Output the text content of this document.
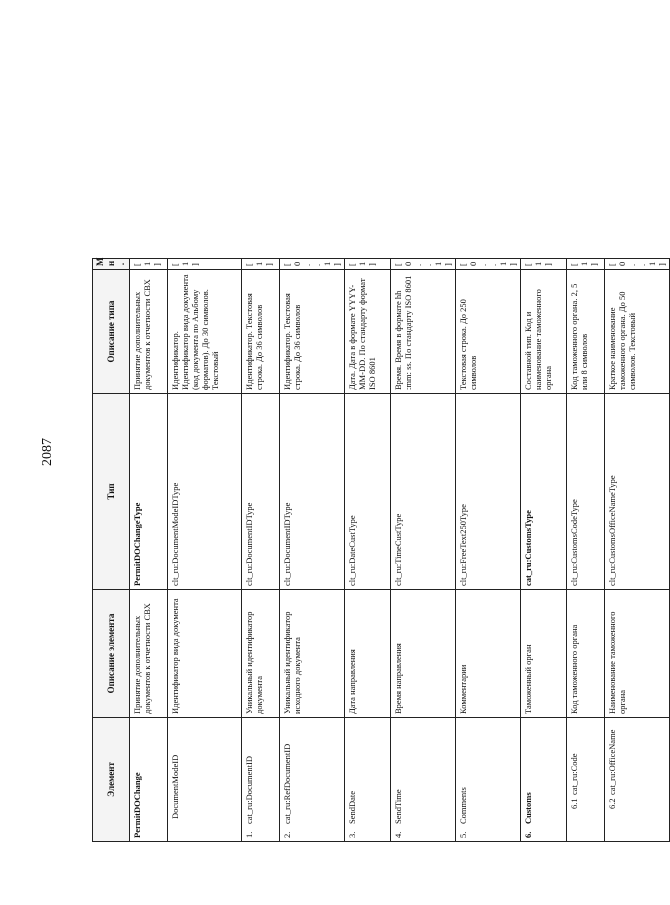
2087
Элемент	Описание элемента	Тип	Описание типа	Мн.
PermitDOChange	Принятие дополнительных документов к отчетности СВХ	PermitDOChangeType	Принятие дополнительных документов к отчетности СВХ	[1]
DocumentModeID	Идентификатор вида документа	clt_ru:DocumentModeIDType	Идентификатор. Идентификатор вида документа (код документа по Альбому форматов). До 30 символов. Текстовый	[1]
1.cat_ru:DocumentID	Уникальный идентификатор документа	clt_ru:DocumentIDType	Идентификатор. Текстовая строка. До 36 символов	[1]
2.cat_ru:RefDocumentID	Уникальный идентификатор исходного документа	clt_ru:DocumentIDType	Идентификатор. Текстовая строка. До 36 символов	[0..1]
3.SendDate	Дата направления	clt_ru:DateCustType	Дата. Дата в формате YYYY-MM-DD. По стандарту формат ISO 8601	[1]
4.SendTime	Время направления	clt_ru:TimeCustType	Время. Время в формате hh :mm: ss. По стандарту ISO 8601	[0..1]
5.Comments	Комментарии	clt_ru:FreeText250Type	Текстовая строка. До 250 символов	[0..1]
6.Customs	Таможенный орган	cat_ru:CustomsType	Составной тип. Код и наименование таможенного органа	[1]
6.1cat_ru:Code	Код таможенного органа	clt_ru:CustomsCodeType	Код таможенного органа. 2, 5 или 8 символов	[1]
6.2cat_ru:OfficeName	Наименование таможенного органа	clt_ru:CustomsOfficeNameType	Краткое наименование таможенного органа. До 50 символов. Текстовый	[0..1]
